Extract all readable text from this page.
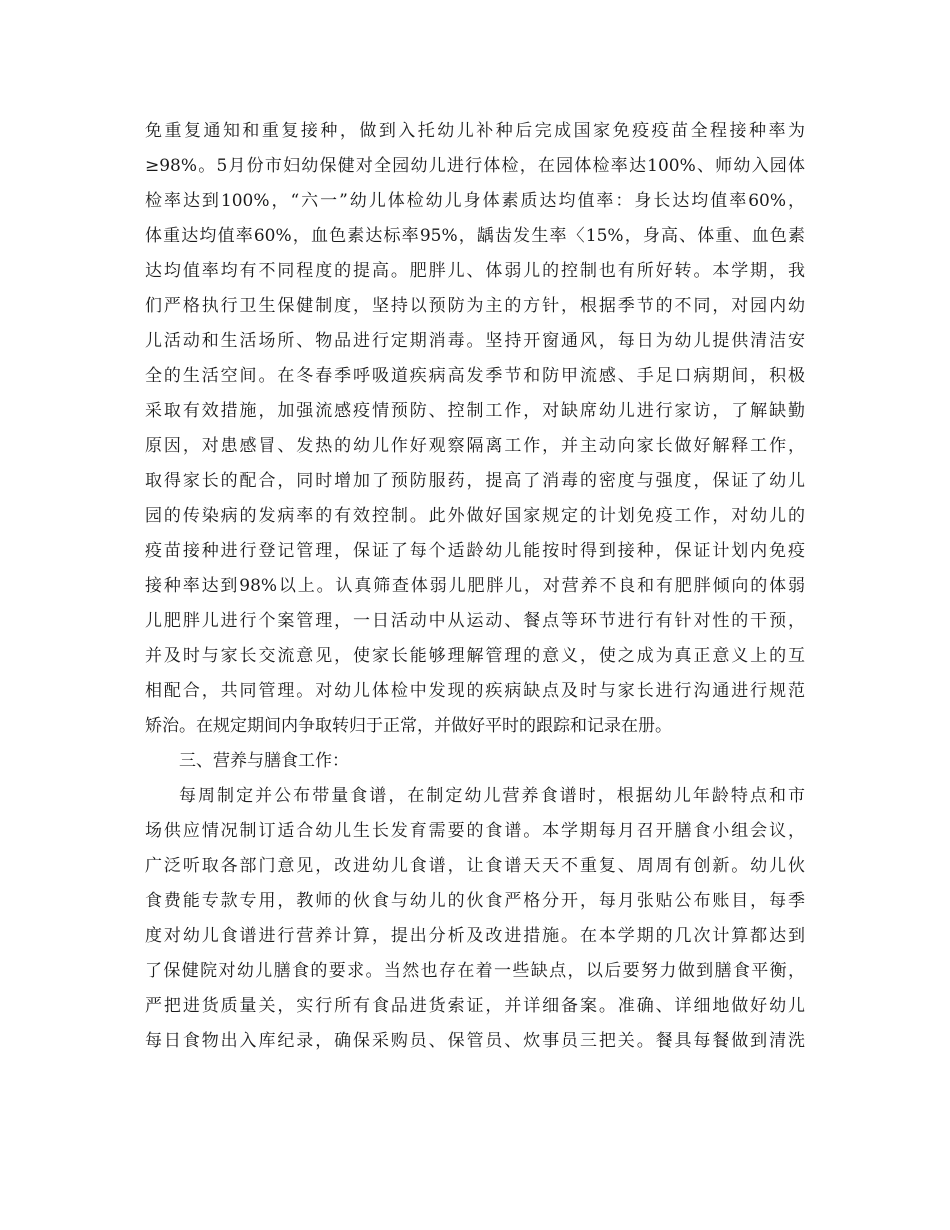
免重复通知和重复接种，做到入托幼儿补种后完成国家免疫疫苗全程接种率为
≥98%。5月份市妇幼保健对全园幼儿进行体检，在园体检率达100%、师幼入园体
检率达到100%，“六一”幼儿体检幼儿身体素质达均值率：身长达均值率60%，
体重达均值率60%，血色素达标率95%，龋齿发生率〈15%，身高、体重、血色素
达均值率均有不同程度的提高。肥胖儿、体弱儿的控制也有所好转。本学期，我
们严格执行卫生保健制度，坚持以预防为主的方针，根据季节的不同，对园内幼
儿活动和生活场所、物品进行定期消毒。坚持开窗通风，每日为幼儿提供清洁安
全的生活空间。在冬春季呼吸道疾病高发季节和防甲流感、手足口病期间，积极
采取有效措施，加强流感疫情预防、控制工作，对缺席幼儿进行家访，了解缺勤
原因，对患感冒、发热的幼儿作好观察隔离工作，并主动向家长做好解释工作，
取得家长的配合，同时增加了预防服药，提高了消毒的密度与强度，保证了幼儿
园的传染病的发病率的有效控制。此外做好国家规定的计划免疫工作，对幼儿的
疫苗接种进行登记管理，保证了每个适龄幼儿能按时得到接种，保证计划内免疫
接种率达到98%以上。认真筛查体弱儿肥胖儿，对营养不良和有肥胖倾向的体弱
儿肥胖儿进行个案管理，一日活动中从运动、餐点等环节进行有针对性的干预，
并及时与家长交流意见，使家长能够理解管理的意义，使之成为真正意义上的互
相配合，共同管理。对幼儿体检中发现的疾病缺点及时与家长进行沟通进行规范
矫治。在规定期间内争取转归于正常，并做好平时的跟踪和记录在册。
三、营养与膳食工作：
每周制定并公布带量食谱，在制定幼儿营养食谱时，根据幼儿年龄特点和市
场供应情况制订适合幼儿生长发育需要的食谱。本学期每月召开膳食小组会议，
广泛听取各部门意见，改进幼儿食谱，让食谱天天不重复、周周有创新。幼儿伙
食费能专款专用，教师的伙食与幼儿的伙食严格分开，每月张贴公布账目，每季
度对幼儿食谱进行营养计算，提出分析及改进措施。在本学期的几次计算都达到
了保健院对幼儿膳食的要求。当然也存在着一些缺点，以后要努力做到膳食平衡，
严把进货质量关，实行所有食品进货索证，并详细备案。准确、详细地做好幼儿
每日食物出入库纪录，确保采购员、保管员、炊事员三把关。餐具每餐做到清洗
